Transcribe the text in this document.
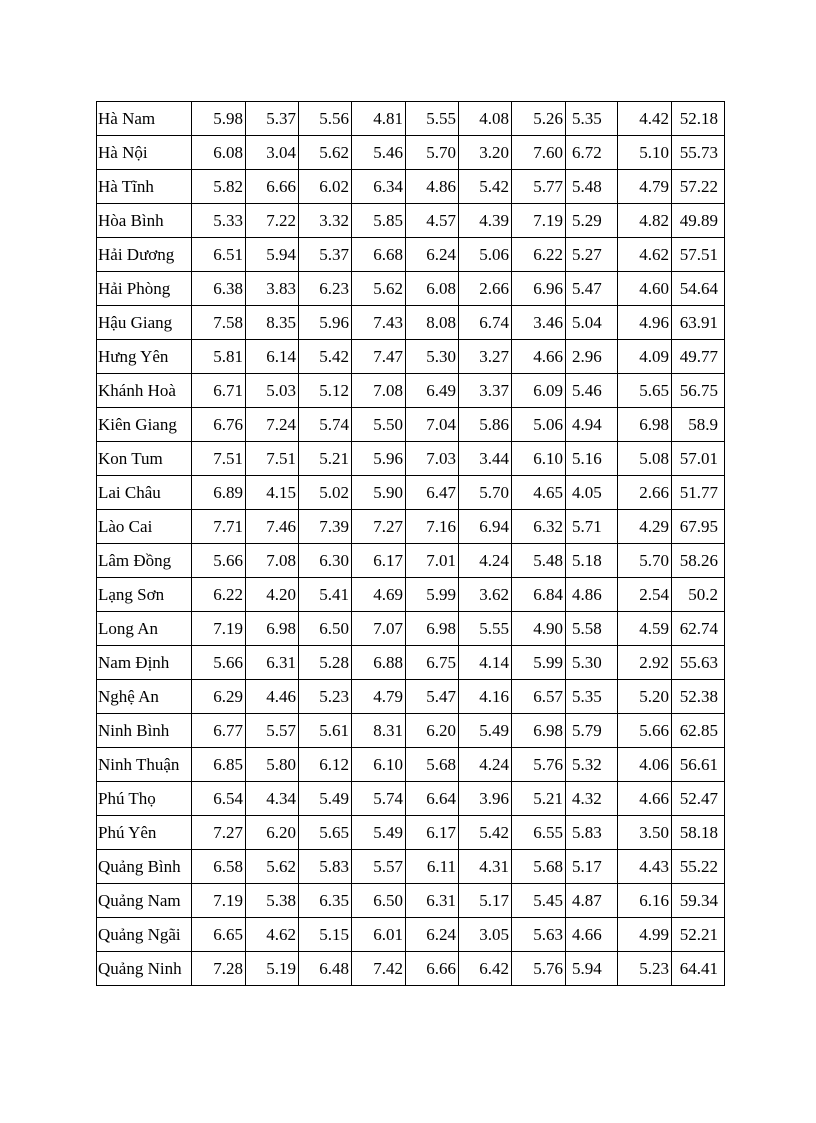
Hà Nam	5.98	5.37	5.56	4.81	5.55	4.08	5.26	5.35	4.42	52.18
Hà Nội	6.08	3.04	5.62	5.46	5.70	3.20	7.60	6.72	5.10	55.73
Hà Tĩnh	5.82	6.66	6.02	6.34	4.86	5.42	5.77	5.48	4.79	57.22
Hòa Bình	5.33	7.22	3.32	5.85	4.57	4.39	7.19	5.29	4.82	49.89
Hải Dương	6.51	5.94	5.37	6.68	6.24	5.06	6.22	5.27	4.62	57.51
Hải Phòng	6.38	3.83	6.23	5.62	6.08	2.66	6.96	5.47	4.60	54.64
Hậu Giang	7.58	8.35	5.96	7.43	8.08	6.74	3.46	5.04	4.96	63.91
Hưng Yên	5.81	6.14	5.42	7.47	5.30	3.27	4.66	2.96	4.09	49.77
Khánh Hoà	6.71	5.03	5.12	7.08	6.49	3.37	6.09	5.46	5.65	56.75
Kiên Giang	6.76	7.24	5.74	5.50	7.04	5.86	5.06	4.94	6.98	58.9
Kon Tum	7.51	7.51	5.21	5.96	7.03	3.44	6.10	5.16	5.08	57.01
Lai Châu	6.89	4.15	5.02	5.90	6.47	5.70	4.65	4.05	2.66	51.77
Lào Cai	7.71	7.46	7.39	7.27	7.16	6.94	6.32	5.71	4.29	67.95
Lâm Đồng	5.66	7.08	6.30	6.17	7.01	4.24	5.48	5.18	5.70	58.26
Lạng Sơn	6.22	4.20	5.41	4.69	5.99	3.62	6.84	4.86	2.54	50.2
Long An	7.19	6.98	6.50	7.07	6.98	5.55	4.90	5.58	4.59	62.74
Nam Định	5.66	6.31	5.28	6.88	6.75	4.14	5.99	5.30	2.92	55.63
Nghệ An	6.29	4.46	5.23	4.79	5.47	4.16	6.57	5.35	5.20	52.38
Ninh Bình	6.77	5.57	5.61	8.31	6.20	5.49	6.98	5.79	5.66	62.85
Ninh Thuận	6.85	5.80	6.12	6.10	5.68	4.24	5.76	5.32	4.06	56.61
Phú Thọ	6.54	4.34	5.49	5.74	6.64	3.96	5.21	4.32	4.66	52.47
Phú Yên	7.27	6.20	5.65	5.49	6.17	5.42	6.55	5.83	3.50	58.18
Quảng Bình	6.58	5.62	5.83	5.57	6.11	4.31	5.68	5.17	4.43	55.22
Quảng Nam	7.19	5.38	6.35	6.50	6.31	5.17	5.45	4.87	6.16	59.34
Quảng Ngãi	6.65	4.62	5.15	6.01	6.24	3.05	5.63	4.66	4.99	52.21
Quảng Ninh	7.28	5.19	6.48	7.42	6.66	6.42	5.76	5.94	5.23	64.41
